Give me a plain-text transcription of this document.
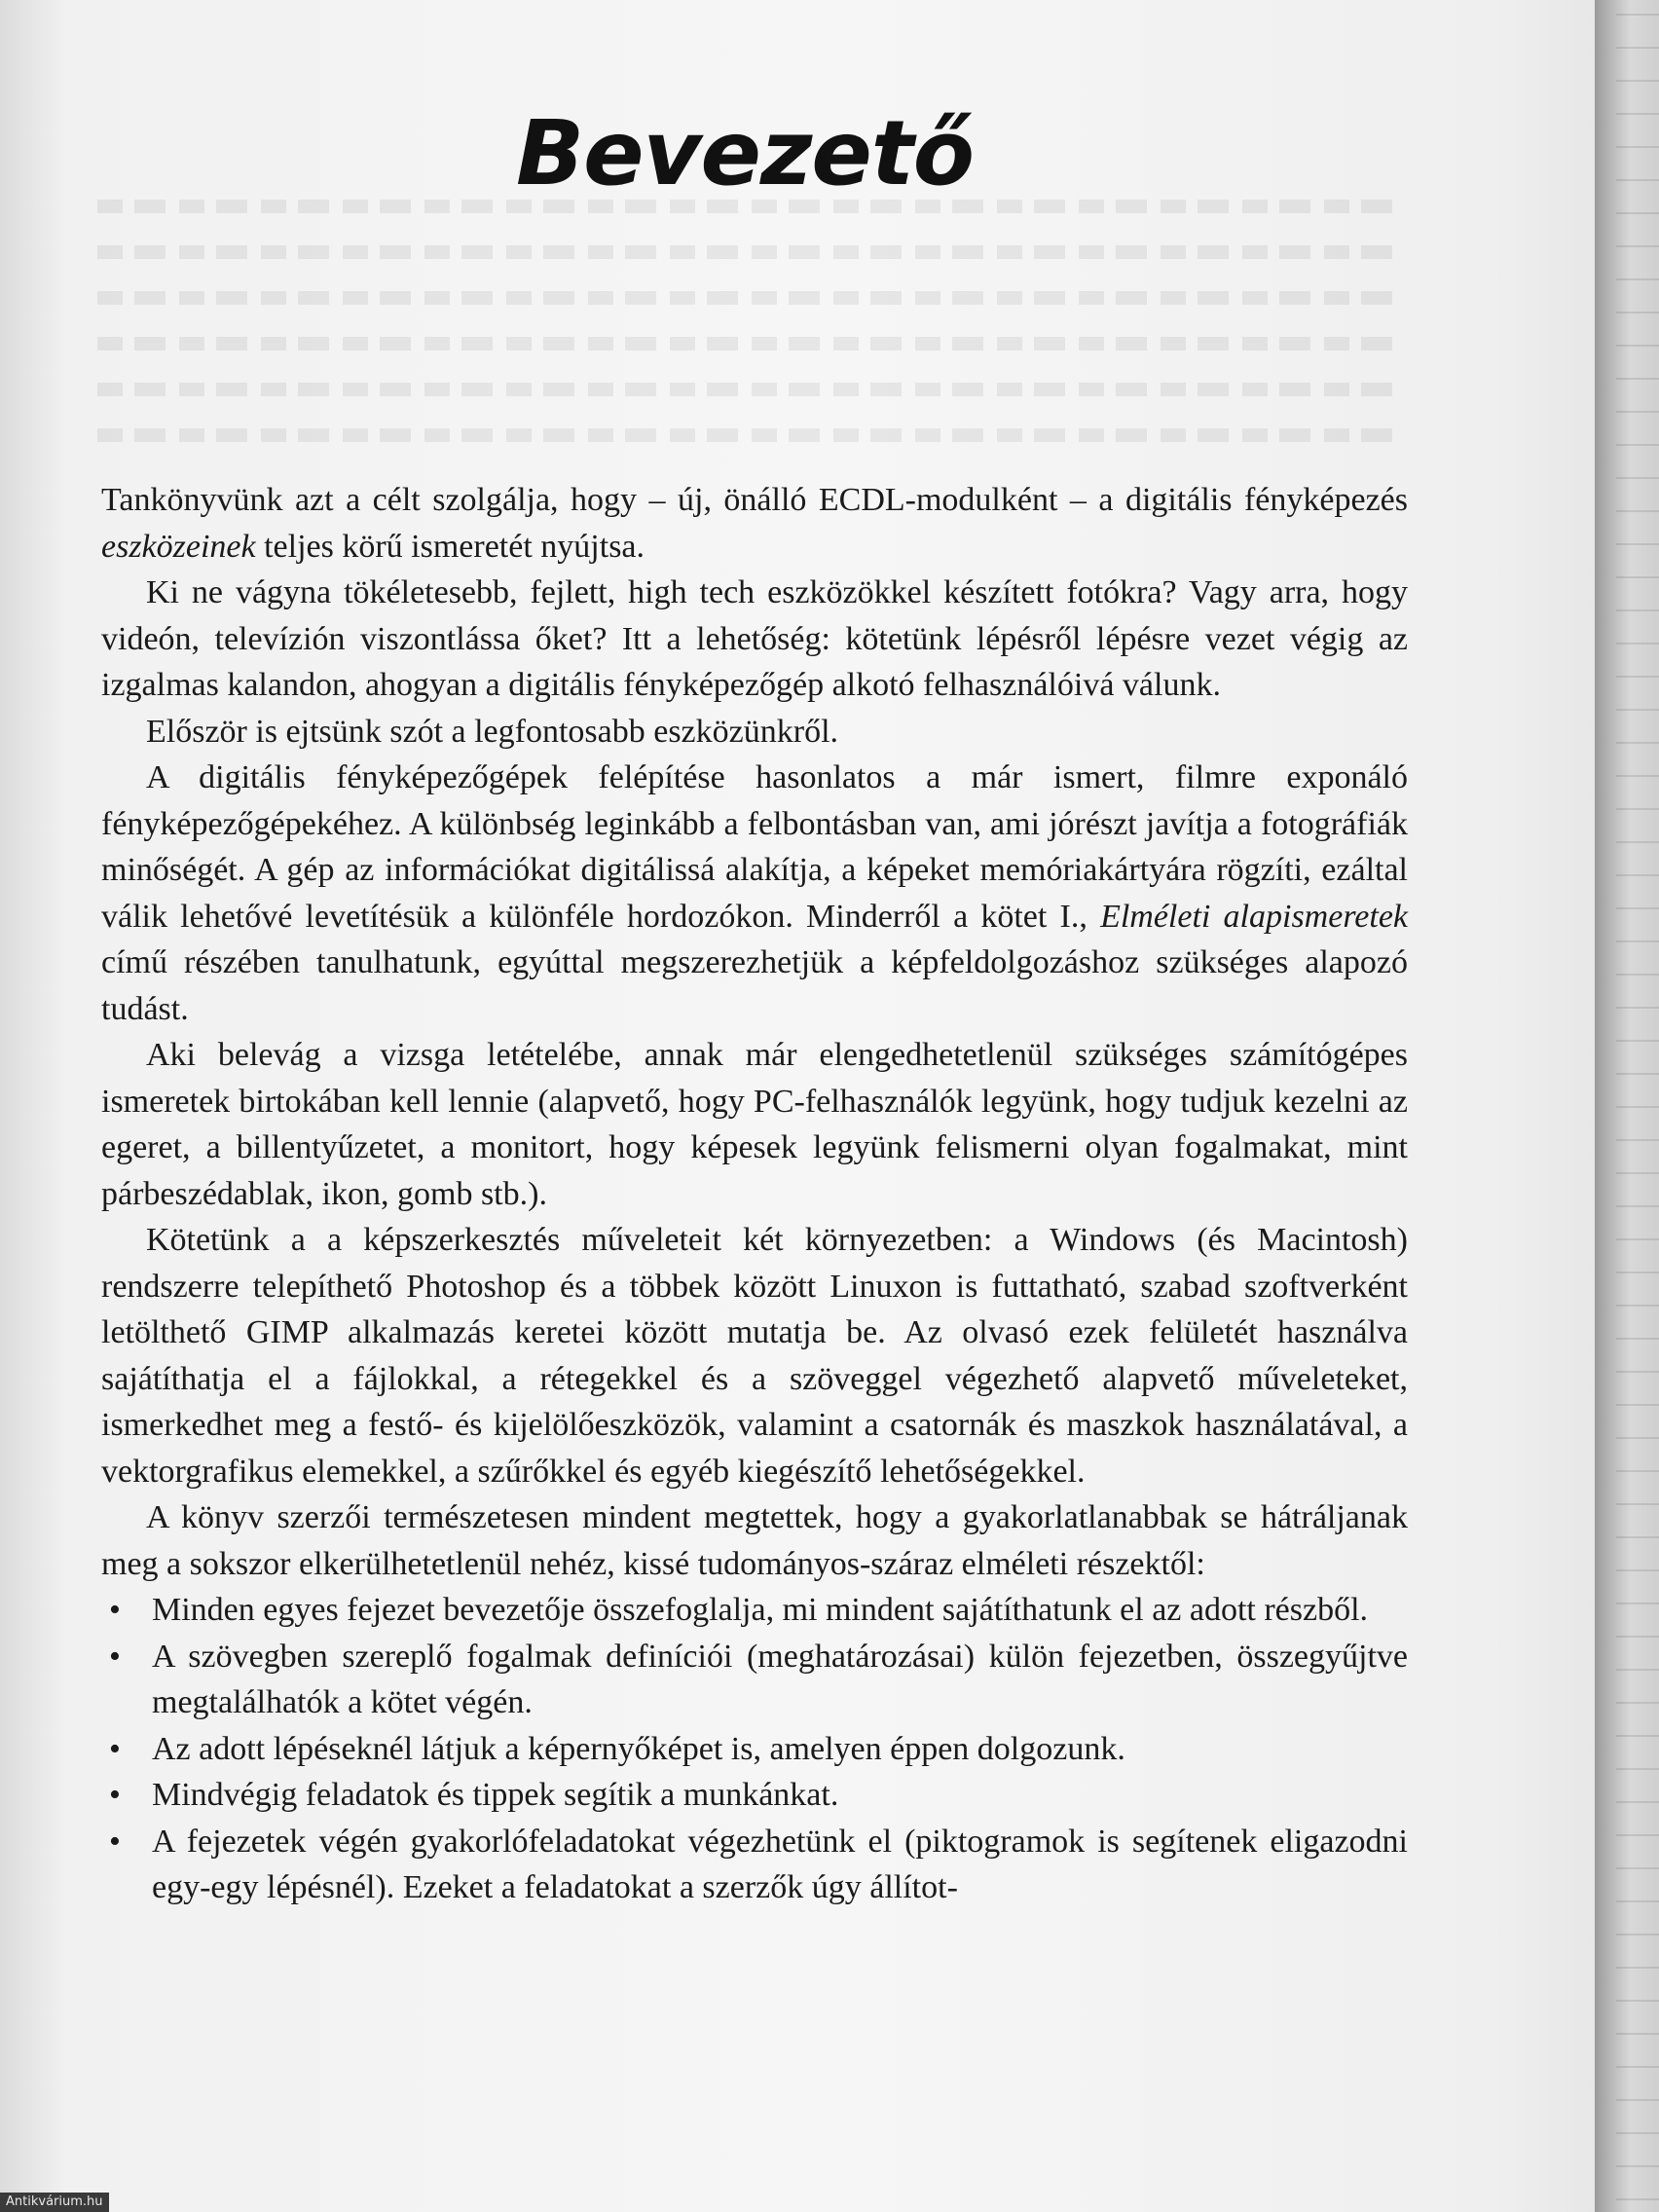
Bevezető

Tankönyvünk azt a célt szolgálja, hogy – új, önálló ECDL-modulként – a digitális fényképezés eszközeinek teljes körű ismeretét nyújtsa.

Ki ne vágyna tökéletesebb, fejlett, high tech eszközökkel készített fotókra? Vagy arra, hogy videón, televízión viszontlássa őket? Itt a lehetőség: kötetünk lépésről lépésre vezet végig az izgalmas kalandon, ahogyan a digitális fényképezőgép alkotó felhasználóivá válunk.

Először is ejtsünk szót a legfontosabb eszközünkről.

A digitális fényképezőgépek felépítése hasonlatos a már ismert, filmre exponáló fényképezőgépekéhez. A különbség leginkább a felbontásban van, ami jórészt javítja a fotográfiák minőségét. A gép az információkat digitálissá alakítja, a képeket memóriakártyára rögzíti, ezáltal válik lehetővé levetítésük a különféle hordozókon. Minderről a kötet I., Elméleti alapismeretek című részében tanulhatunk, egyúttal megszerezhetjük a képfeldolgozáshoz szükséges alapozó tudást.

Aki belevág a vizsga letételébe, annak már elengedhetetlenül szükséges számítógépes ismeretek birtokában kell lennie (alapvető, hogy PC-felhasználók legyünk, hogy tudjuk kezelni az egeret, a billentyűzetet, a monitort, hogy képesek legyünk felismerni olyan fogalmakat, mint párbeszédablak, ikon, gomb stb.).

Kötetünk a a képszerkesztés műveleteit két környezetben: a Windows (és Macintosh) rendszerre telepíthető Photoshop és a többek között Linuxon is futtatható, szabad szoftverként letölthető GIMP alkalmazás keretei között mutatja be. Az olvasó ezek felületét használva sajátíthatja el a fájlokkal, a rétegekkel és a szöveggel végezhető alapvető műveleteket, ismerkedhet meg a festő- és kijelölőeszközök, valamint a csatornák és maszkok használatával, a vektorgrafikus elemekkel, a szűrőkkel és egyéb kiegészítő lehetőségekkel.

A könyv szerzői természetesen mindent megtettek, hogy a gyakorlatlanabbak se hátráljanak meg a sokszor elkerülhetetlenül nehéz, kissé tudományos-száraz elméleti részektől:

• Minden egyes fejezet bevezetője összefoglalja, mi mindent sajátíthatunk el az adott részből.
• A szövegben szereplő fogalmak definíciói (meghatározásai) külön fejezetben, összegyűjtve megtalálhatók a kötet végén.
• Az adott lépéseknél látjuk a képernyőképet is, amelyen éppen dolgozunk.
• Mindvégig feladatok és tippek segítik a munkánkat.
• A fejezetek végén gyakorlófeladatokat végezhetünk el (piktogramok is segítenek eligazodni egy-egy lépésnél). Ezeket a feladatokat a szerzők úgy állítot-
Antikvárium.hu
